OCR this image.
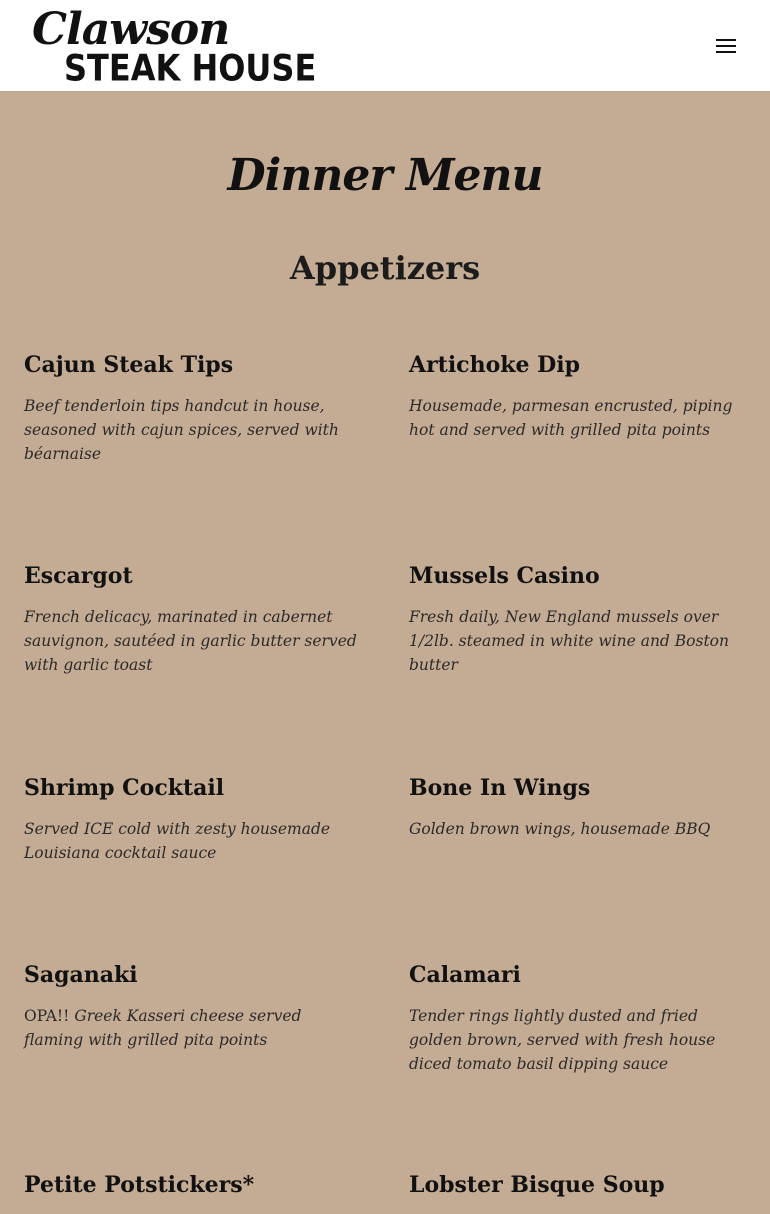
Clawson
STEAK HOUSE
Dinner Menu
Appetizers
Cajun Steak Tips

Beef tenderloin tips handcut in house, seasoned with cajun spices, served with béarnaise

Artichoke Dip

Housemade, parmesan encrusted, piping hot and served with grilled pita points

Escargot

French delicacy, marinated in cabernet sauvignon, sautéed in garlic butter served with garlic toast

Mussels Casino

Fresh daily, New England mussels over 1/2lb. steamed in white wine and Boston butter

Shrimp Cocktail

Served ICE cold with zesty housemade Louisiana cocktail sauce

Bone In Wings

Golden brown wings, housemade BBQ

Saganaki

OPA!! Greek Kasseri cheese served flaming with grilled pita points

Calamari

Tender rings lightly dusted and fried golden brown, served with fresh house diced tomato basil dipping sauce

Petite Potstickers*	Lobster Bisque Soup
